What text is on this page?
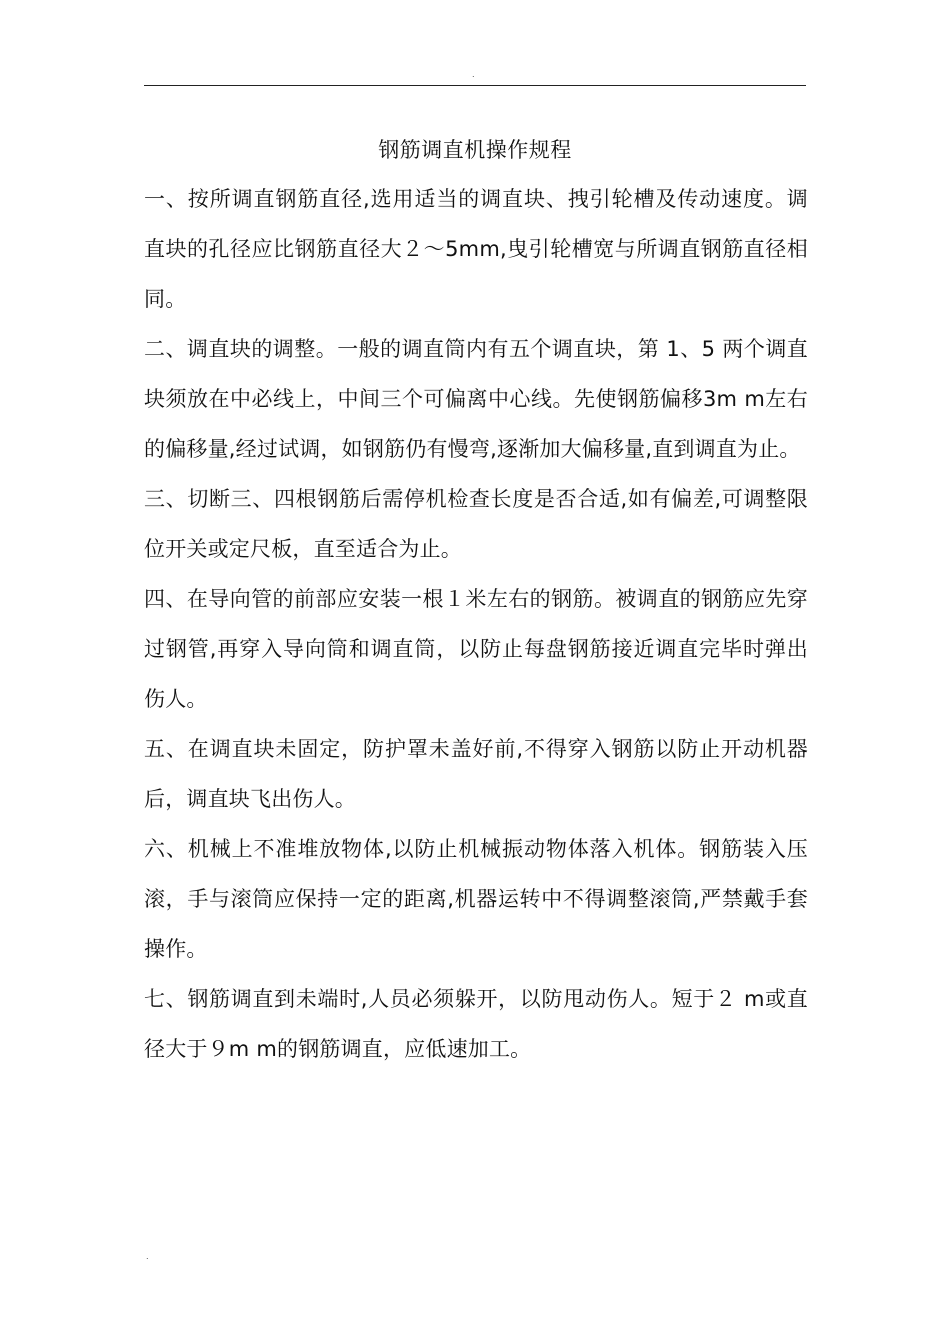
.
钢筋调直机操作规程

一、按所调直钢筋直径,选用适当的调直块、拽引轮槽及传动速度。调直块的孔径应比钢筋直径大２～5mm,曳引轮槽宽与所调直钢筋直径相同。

二、调直块的调整。一般的调直筒内有五个调直块，第 1、5 两个调直块须放在中必线上，中间三个可偏离中心线。先使钢筋偏移3m m左右的偏移量,经过试调，如钢筋仍有慢弯,逐渐加大偏移量,直到调直为止。

三、切断三、四根钢筋后需停机检查长度是否合适,如有偏差,可调整限位开关或定尺板，直至适合为止。

四、在导向管的前部应安装一根１米左右的钢筋。被调直的钢筋应先穿过钢管,再穿入导向筒和调直筒，以防止每盘钢筋接近调直完毕时弹出伤人。

五、在调直块未固定，防护罩未盖好前,不得穿入钢筋以防止开动机器后，调直块飞出伤人。

六、机械上不准堆放物体,以防止机械振动物体落入机体。钢筋装入压滚，手与滚筒应保持一定的距离,机器运转中不得调整滚筒,严禁戴手套操作。

七、钢筋调直到未端时,人员必须躲开，以防甩动伤人。短于２ m或直径大于９m m的钢筋调直，应低速加工。

.
